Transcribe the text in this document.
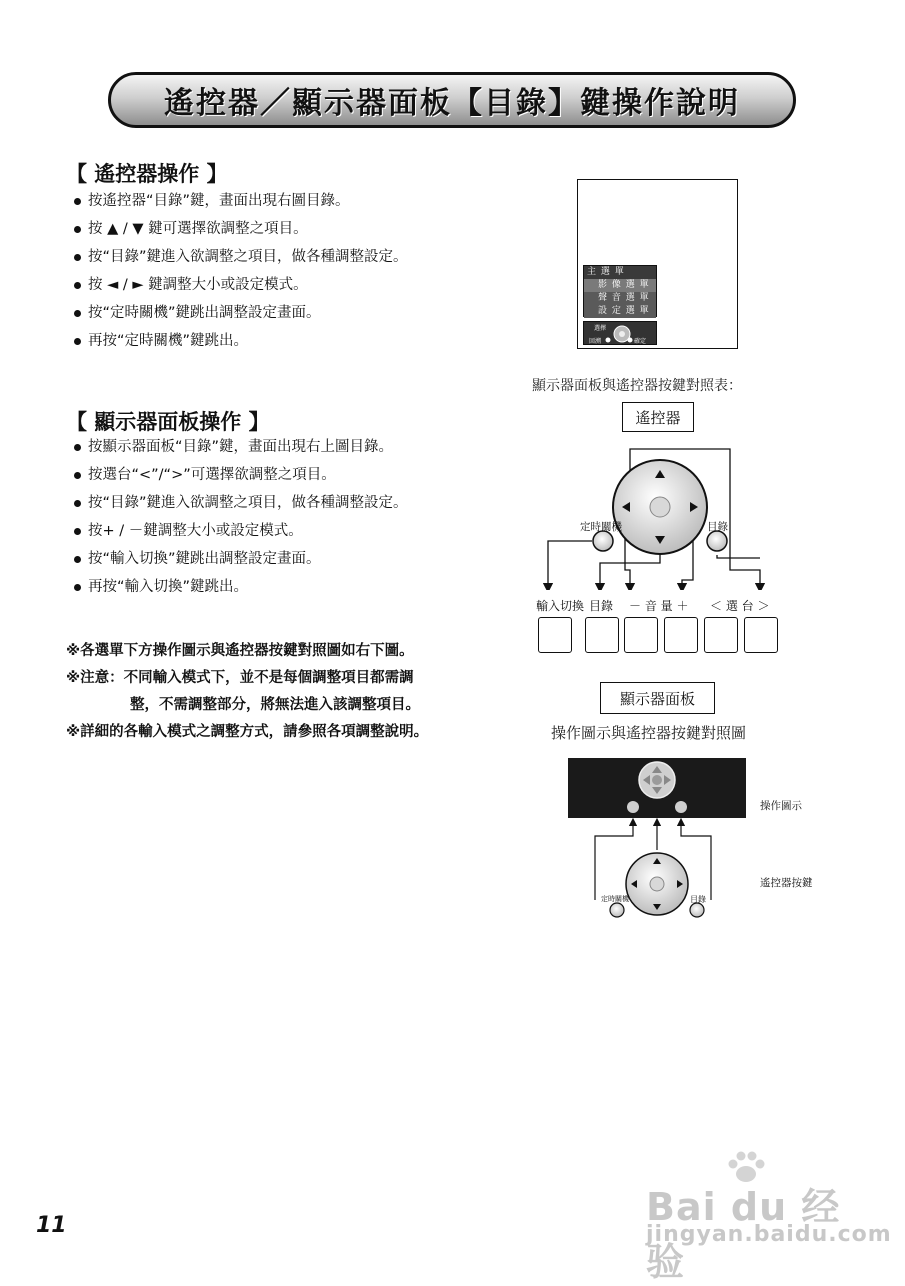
遙控器／顯示器面板【目錄】鍵操作說明
【 遙控器操作 】
按遙控器“目錄”鍵，畫面出現右圖目錄。
按 ▲ / ▼ 鍵可選擇欲調整之項目。
按“目錄”鍵進入欲調整之項目，做各種調整設定。
按 ◄ / ► 鍵調整大小或設定模式。
按“定時關機”鍵跳出調整設定畫面。
再按“定時關機”鍵跳出。
【 顯示器面板操作 】
按顯示器面板“目錄”鍵，畫面出現右上圖目錄。
按選台“<”/“>”可選擇欲調整之項目。
按“目錄”鍵進入欲調整之項目，做各種調整設定。
按+ / －鍵調整大小或設定模式。
按“輸入切換”鍵跳出調整設定畫面。
再按“輸入切換”鍵跳出。

※各選單下方操作圖示與遙控器按鍵對照圖如右下圖。

※注意：不同輸入模式下，並不是每個調整項目都需調

整，不需調整部分，將無法進入該調整項目。

※詳細的各輸入模式之調整方式，請參照各項調整說明。

主 選 單
影 像 選 單
聲 音 選 單
設 定 選 單
選擇
回溯	確定
顯示器面板與遙控器按鍵對照表：
遙控器
定時關機	目錄
輸入切換 目錄 － 音 量 ＋ ＜ 選 台 ＞
顯示器面板
操作圖示與遙控器按鍵對照圖
操作圖示
定時關機	目錄
遙控器按鍵
11	Bai du 经验
jingyan.baidu.com
